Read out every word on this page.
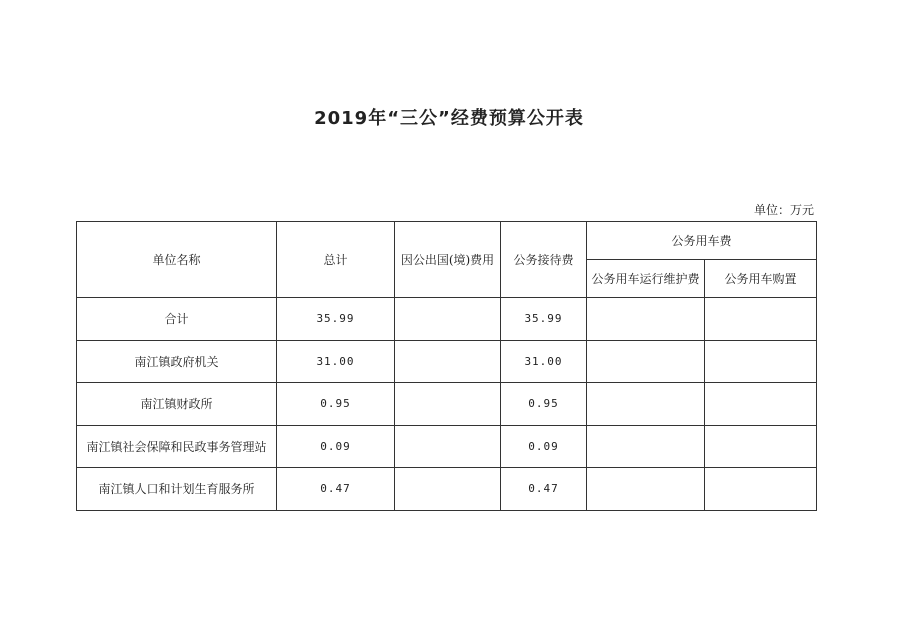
2019年“三公”经费预算公开表
单位：万元
单位名称	总计	因公出国(境)费用	公务接待费	公务用车费	
				公务用车运行维护费	公务用车购置
合计	35.99		35.99		
南江镇政府机关	31.00		31.00		
南江镇财政所	0.95		0.95		
南江镇社会保障和民政事务管理站	0.09		0.09		
南江镇人口和计划生育服务所	0.47		0.47		
